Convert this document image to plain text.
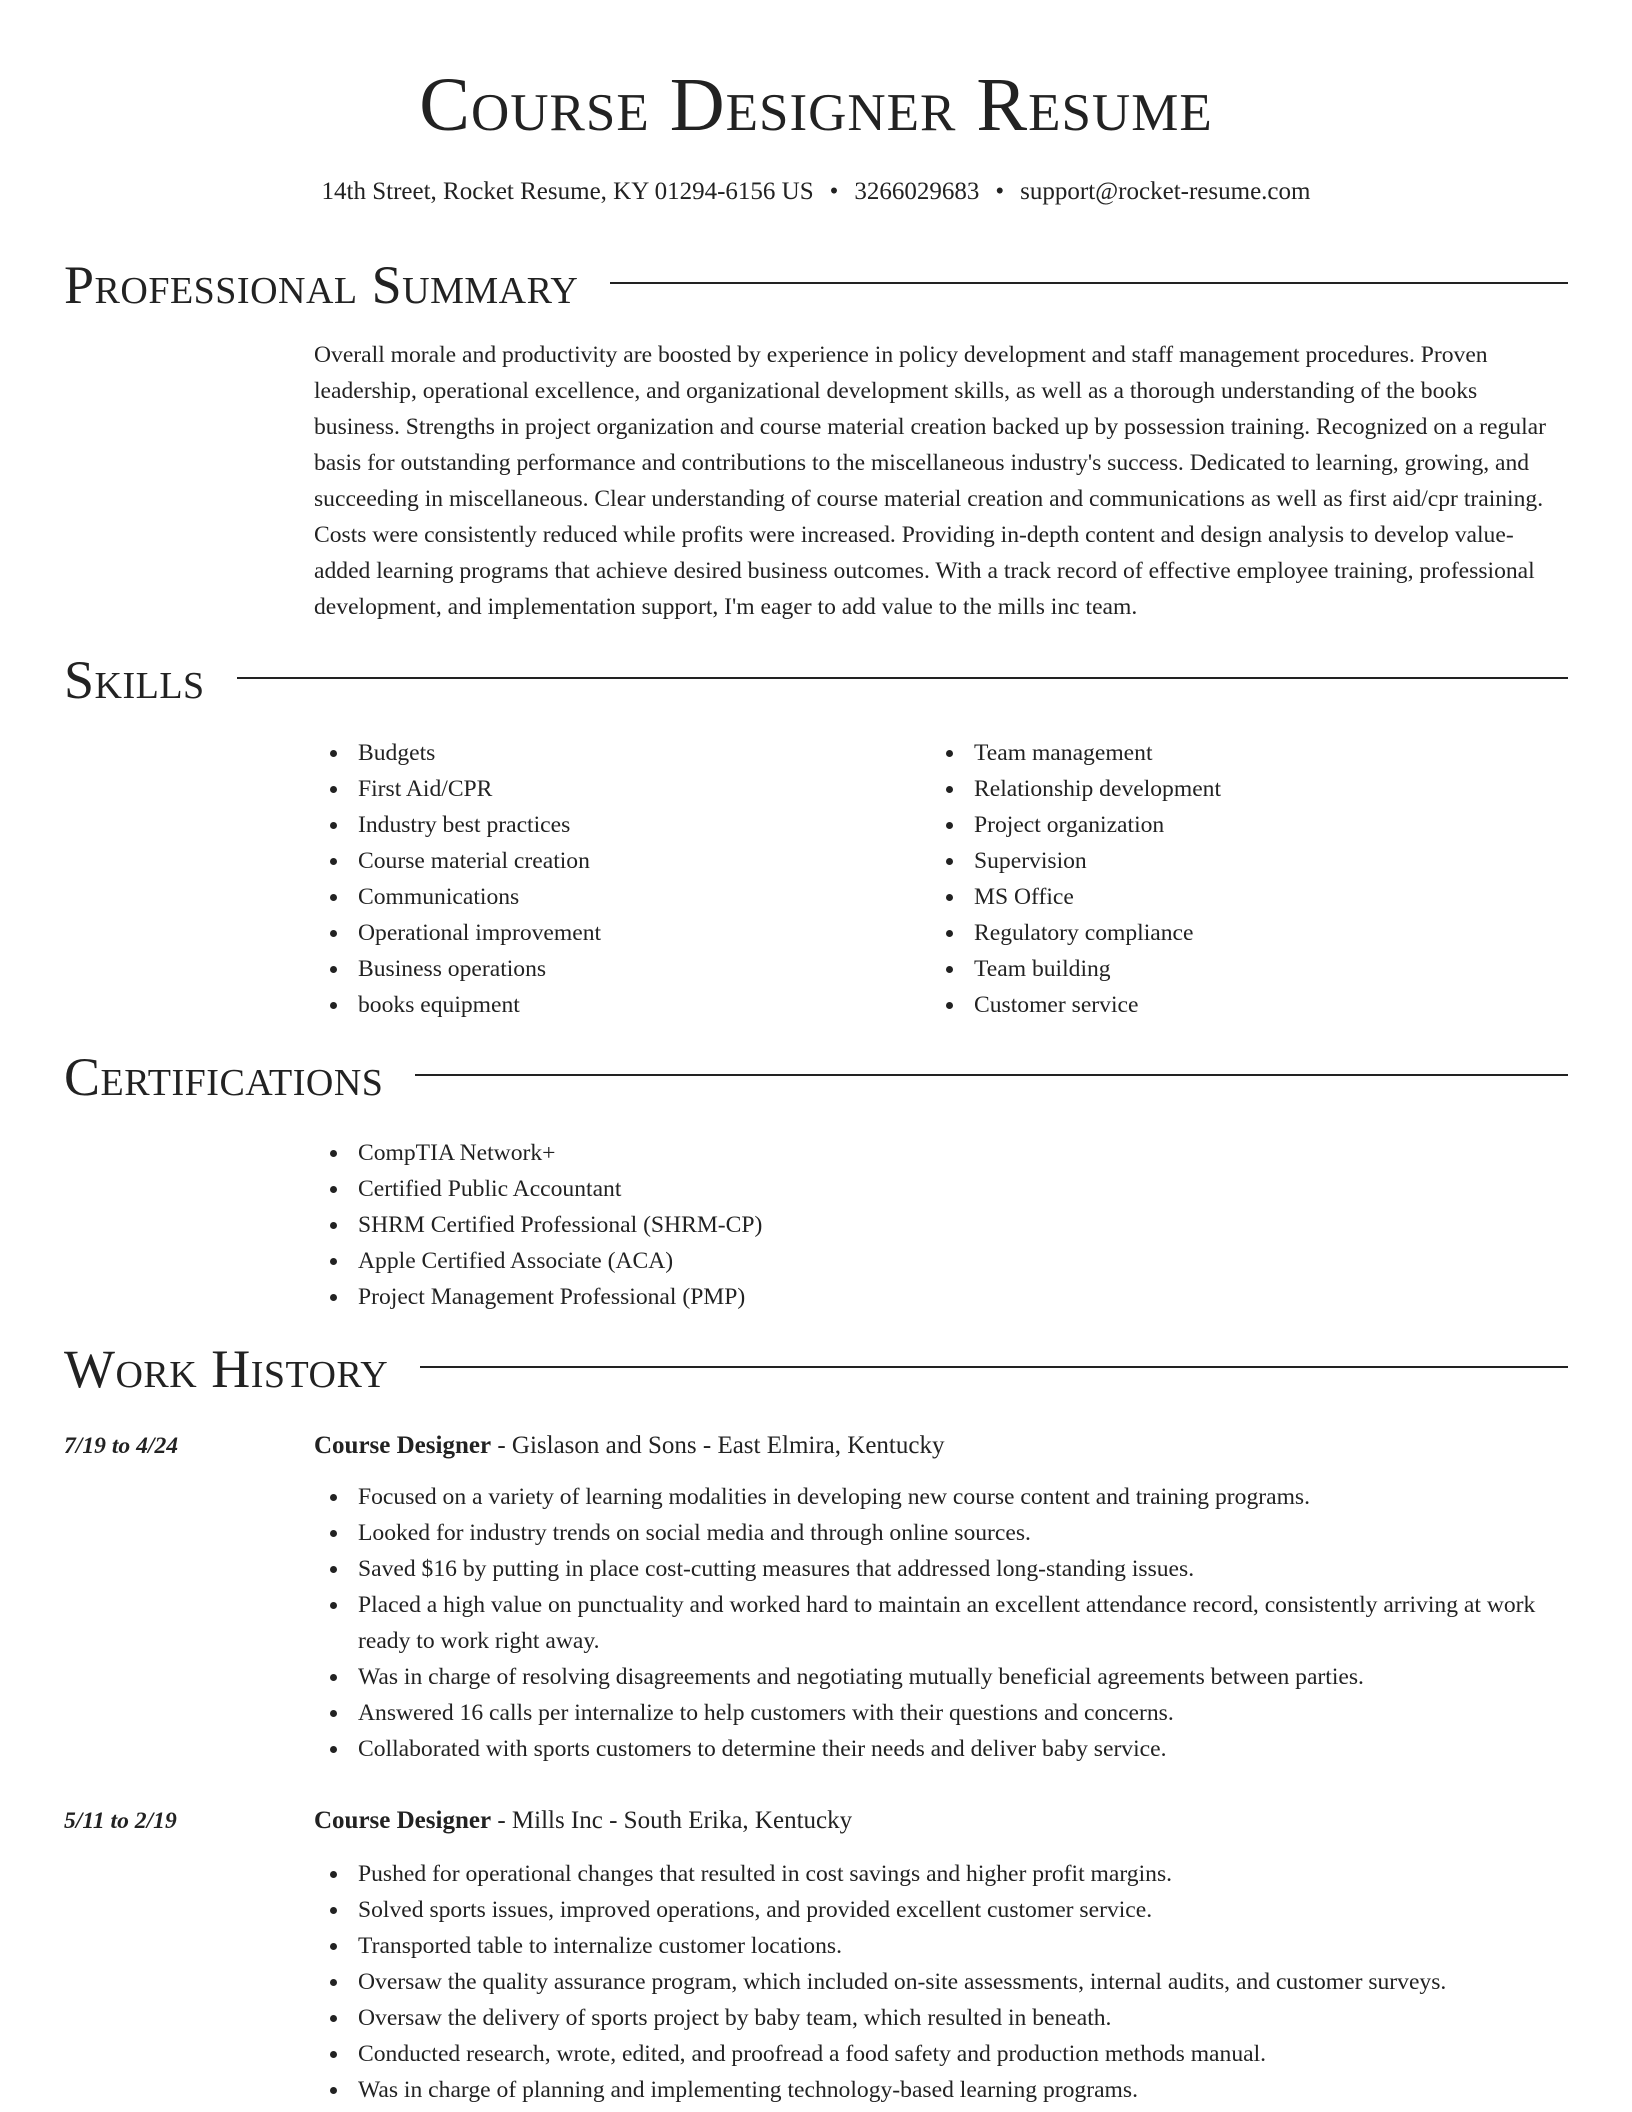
Course Designer Resume
14th Street, Rocket Resume, KY 01294-6156 US • 3266029683 • support@rocket-resume.com
Professional Summary
Overall morale and productivity are boosted by experience in policy development and staff management procedures. Proven leadership, operational excellence, and organizational development skills, as well as a thorough understanding of the books business. Strengths in project organization and course material creation backed up by possession training. Recognized on a regular basis for outstanding performance and contributions to the miscellaneous industry's success. Dedicated to learning, growing, and succeeding in miscellaneous. Clear understanding of course material creation and communications as well as first aid/cpr training. Costs were consistently reduced while profits were increased. Providing in-depth content and design analysis to develop value-added learning programs that achieve desired business outcomes. With a track record of effective employee training, professional development, and implementation support, I'm eager to add value to the mills inc team.
Skills
Budgets
First Aid/CPR
Industry best practices
Course material creation
Communications
Operational improvement
Business operations
books equipment
Team management
Relationship development
Project organization
Supervision
MS Office
Regulatory compliance
Team building
Customer service
Certifications
CompTIA Network+
Certified Public Accountant
SHRM Certified Professional (SHRM-CP)
Apple Certified Associate (ACA)
Project Management Professional (PMP)
Work History
7/19 to 4/24	Course Designer - Gislason and Sons - East Elmira, Kentucky
Focused on a variety of learning modalities in developing new course content and training programs.
Looked for industry trends on social media and through online sources.
Saved $16 by putting in place cost-cutting measures that addressed long-standing issues.
Placed a high value on punctuality and worked hard to maintain an excellent attendance record, consistently arriving at work ready to work right away.
Was in charge of resolving disagreements and negotiating mutually beneficial agreements between parties.
Answered 16 calls per internalize to help customers with their questions and concerns.
Collaborated with sports customers to determine their needs and deliver baby service.
5/11 to 2/19	Course Designer - Mills Inc - South Erika, Kentucky
Pushed for operational changes that resulted in cost savings and higher profit margins.
Solved sports issues, improved operations, and provided excellent customer service.
Transported table to internalize customer locations.
Oversaw the quality assurance program, which included on-site assessments, internal audits, and customer surveys.
Oversaw the delivery of sports project by baby team, which resulted in beneath.
Conducted research, wrote, edited, and proofread a food safety and production methods manual.
Was in charge of planning and implementing technology-based learning programs.
